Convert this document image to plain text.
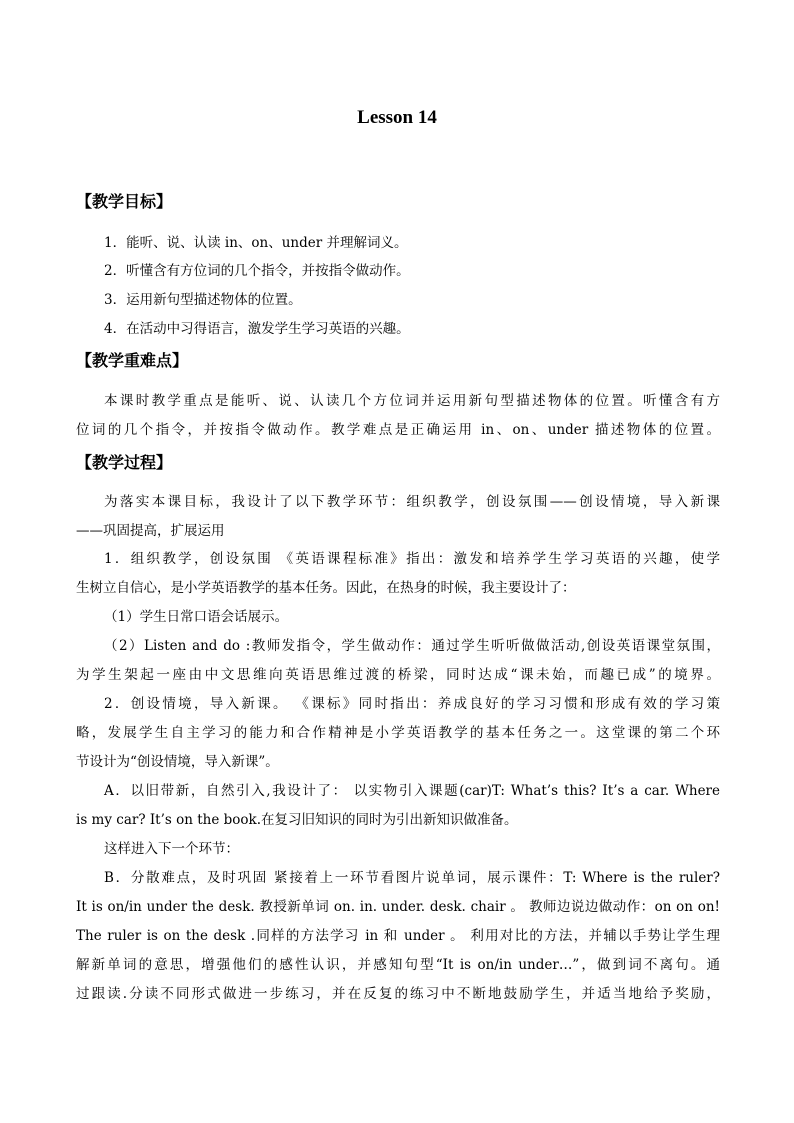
Lesson 14
【教学目标】
1．能听、说、认读 in、on、under 并理解词义。
2．听懂含有方位词的几个指令，并按指令做动作。
3．运用新句型描述物体的位置。
4．在活动中习得语言，激发学生学习英语的兴趣。
【教学重难点】
本课时教学重点是能听、说、认读几个方位词并运用新句型描述物体的位置。听懂含有方
位词的几个指令，并按指令做动作。教学难点是正确运用 in、on、under 描述物体的位置。
【教学过程】
为落实本课目标，我设计了以下教学环节：组织教学，创设氛围——创设情境，导入新课
——巩固提高，扩展运用
1．组织教学，创设氛围 《英语课程标准》指出：激发和培养学生学习英语的兴趣，使学
生树立自信心，是小学英语教学的基本任务。因此，在热身的时候，我主要设计了：
（1）学生日常口语会话展示。
（2）Listen and do :教师发指令，学生做动作：通过学生听听做做活动,创设英语课堂氛围，
为学生架起一座由中文思维向英语思维过渡的桥梁，同时达成“课未始，而趣已成”的境界。
2．创设情境，导入新课。 《课标》同时指出：养成良好的学习习惯和形成有效的学习策
略，发展学生自主学习的能力和合作精神是小学英语教学的基本任务之一。这堂课的第二个环
节设计为“创设情境，导入新课”。
A．以旧带新，自然引入,我设计了： 以实物引入课题(car)T: What’s this? It’s a car. Where
is my car? It’s on the book.在复习旧知识的同时为引出新知识做准备。
这样进入下一个环节：
B．分散难点，及时巩固 紧接着上一环节看图片说单词，展示课件：T: Where is the ruler?
It is on/in under the desk. 教授新单词 on. in. under. desk. chair 。 教师边说边做动作：on on on!
The ruler is on the desk .同样的方法学习 in 和 under 。 利用对比的方法，并辅以手势让学生理
解新单词的意思，增强他们的感性认识，并感知句型“It is on/in under…”，做到词不离句。通
过跟读.分读不同形式做进一步练习，并在反复的练习中不断地鼓励学生，并适当地给予奖励，
